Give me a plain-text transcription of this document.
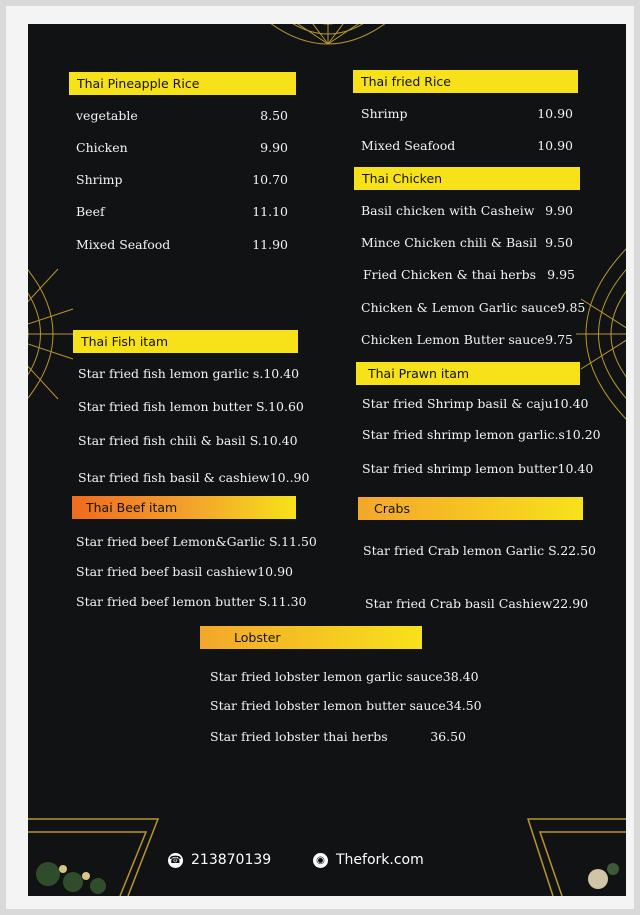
Thai Pineapple Rice
vegetable	8.50
Chicken	9.90
Shrimp	10.70
Beef	11.10
Mixed Seafood	11.90
Thai Fish itam
Star fried fish lemon garlic s. 10.40
Star fried fish lemon butter S. 10.60
Star fried fish chili & basil S. 10.40
Star fried fish basil & cashiew 10..90
Thai Beef itam
Star fried beef Lemon&Garlic S. 11.50
Star fried beef basil cashiew 10.90
Star fried beef lemon butter S. 11.30
Thai fried Rice
Shrimp	10.90
Mixed Seafood	10.90
Thai Chicken
Basil chicken with Casheiw 9.90
Mince Chicken chili & Basil 9.50
Fried Chicken & thai herbs 9.95
Chicken & Lemon Garlic sauce 9.85
Chicken Lemon Butter sauce 9.75
Thai Prawn itam
Star fried Shrimp basil & caju 10.40
Star fried shrimp lemon garlic.s 10.20
Star fried shrimp lemon butter 10.40
Crabs
Star fried Crab lemon Garlic S. 22.50
Star fried Crab basil Cashiew 22.90
Lobster
Star fried lobster lemon garlic sauce 38.40
Star fried lobster lemon butter sauce 34.50
Star fried lobster thai herbs	36.50
☎ 213870139	◉ Thefork.com
